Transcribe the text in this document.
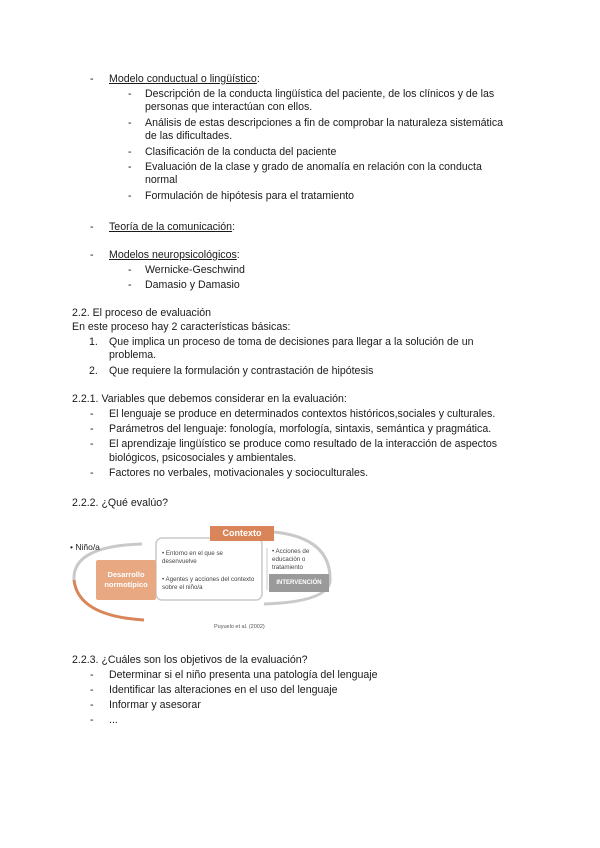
- Modelo conductual o lingüístico:
- Descripción de la conducta lingüística del paciente, de los clínicos y de las
personas que interactúan con ellos.
- Análisis de estas descripciones a fin de comprobar la naturaleza sistemática
de las dificultades.
- Clasificación de la conducta del paciente
- Evaluación de la clase y grado de anomalía en relación con la conducta
normal
- Formulación de hipótesis para el tratamiento
- Teoría de la comunicación:
- Modelos neuropsicológicos:
- Wernicke-Geschwind
- Damasio y Damasio
2.2. El proceso de evaluación
En este proceso hay 2 características básicas:
1. Que implica un proceso de toma de decisiones para llegar a la solución de un
problema.
2. Que requiere la formulación y contrastación de hipótesis
2.2.1. Variables que debemos considerar en la evaluación:
- El lenguaje se produce en determinados contextos históricos,sociales y culturales.
- Parámetros del lenguaje: fonología, morfología, sintaxis, semántica y pragmática.
- El aprendizaje lingüístico se produce como resultado de la interacción de aspectos
biológicos, psicosociales y ambientales.
- Factores no verbales, motivacionales y socioculturales.
2.2.2. ¿Qué evalúo?
• Niño/a
Desarrollo normotípico
Contexto
• Entorno en el que se desenvuelve
• Agentes y acciones del contexto sobre el niño/a
• Acciones de educación o tratamiento
INTERVENCIÓN
Puyuelo et al. (2002)
2.2.3. ¿Cuáles son los objetivos de la evaluación?
- Determinar si el niño presenta una patología del lenguaje
- Identificar las alteraciones en el uso del lenguaje
- Informar y asesorar
- ...
